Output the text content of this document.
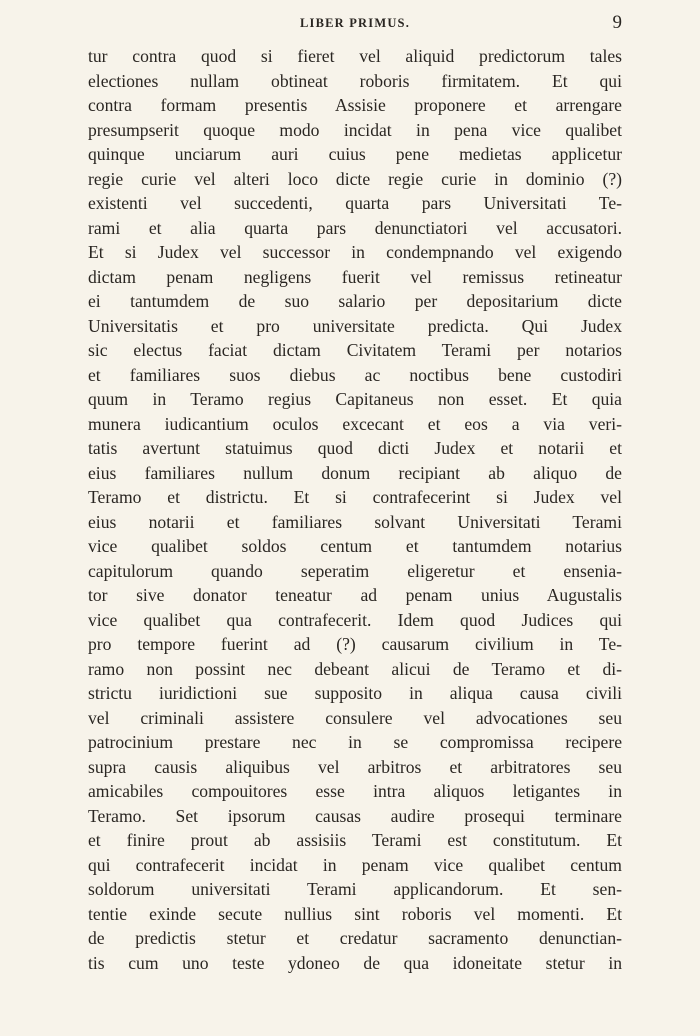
LIBER PRIMUS.	9
tur contra quod si fieret vel aliquid predictorum tales
electiones nullam obtineat roboris firmitatem. Et qui
contra formam presentis Assisie proponere et arrengare
presumpserit quoque modo incidat in pena vice qualibet
quinque unciarum auri cuius pene medietas applicetur
regie curie vel alteri loco dicte regie curie in dominio (?)
existenti vel succedenti, quarta pars Universitati Te-
rami et alia quarta pars denunctiatori vel accusatori.
Et si Judex vel successor in condempnando vel exigendo
dictam penam negligens fuerit vel remissus retineatur
ei tantumdem de suo salario per depositarium dicte
Universitatis et pro universitate predicta. Qui Judex
sic electus faciat dictam Civitatem Terami per notarios
et familiares suos diebus ac noctibus bene custodiri
quum in Teramo regius Capitaneus non esset. Et quia
munera iudicantium oculos excecant et eos a via veri-
tatis avertunt statuimus quod dicti Judex et notarii et
eius familiares nullum donum recipiant ab aliquo de
Teramo et districtu. Et si contrafecerint si Judex vel
eius notarii et familiares solvant Universitati Terami
vice qualibet soldos centum et tantumdem notarius
capitulorum quando seperatim eligeretur et ensenia-
tor sive donator teneatur ad penam unius Augustalis
vice qualibet qua contrafecerit. Idem quod Judices qui
pro tempore fuerint ad (?) causarum civilium in Te-
ramo non possint nec debeant alicui de Teramo et di-
strictu iuridictioni sue supposito in aliqua causa civili
vel criminali assistere consulere vel advocationes seu
patrocinium prestare nec in se compromissa recipere
supra causis aliquibus vel arbitros et arbitratores seu
amicabiles compouitores esse intra aliquos letigantes in
Teramo. Set ipsorum causas audire prosequi terminare
et finire prout ab assisiis Terami est constitutum. Et
qui contrafecerit incidat in penam vice qualibet centum
soldorum universitati Terami applicandorum. Et sen-
tentie exinde secute nullius sint roboris vel momenti. Et
de predictis stetur et credatur sacramento denunctian-
tis cum uno teste ydoneo de qua idoneitate stetur in
